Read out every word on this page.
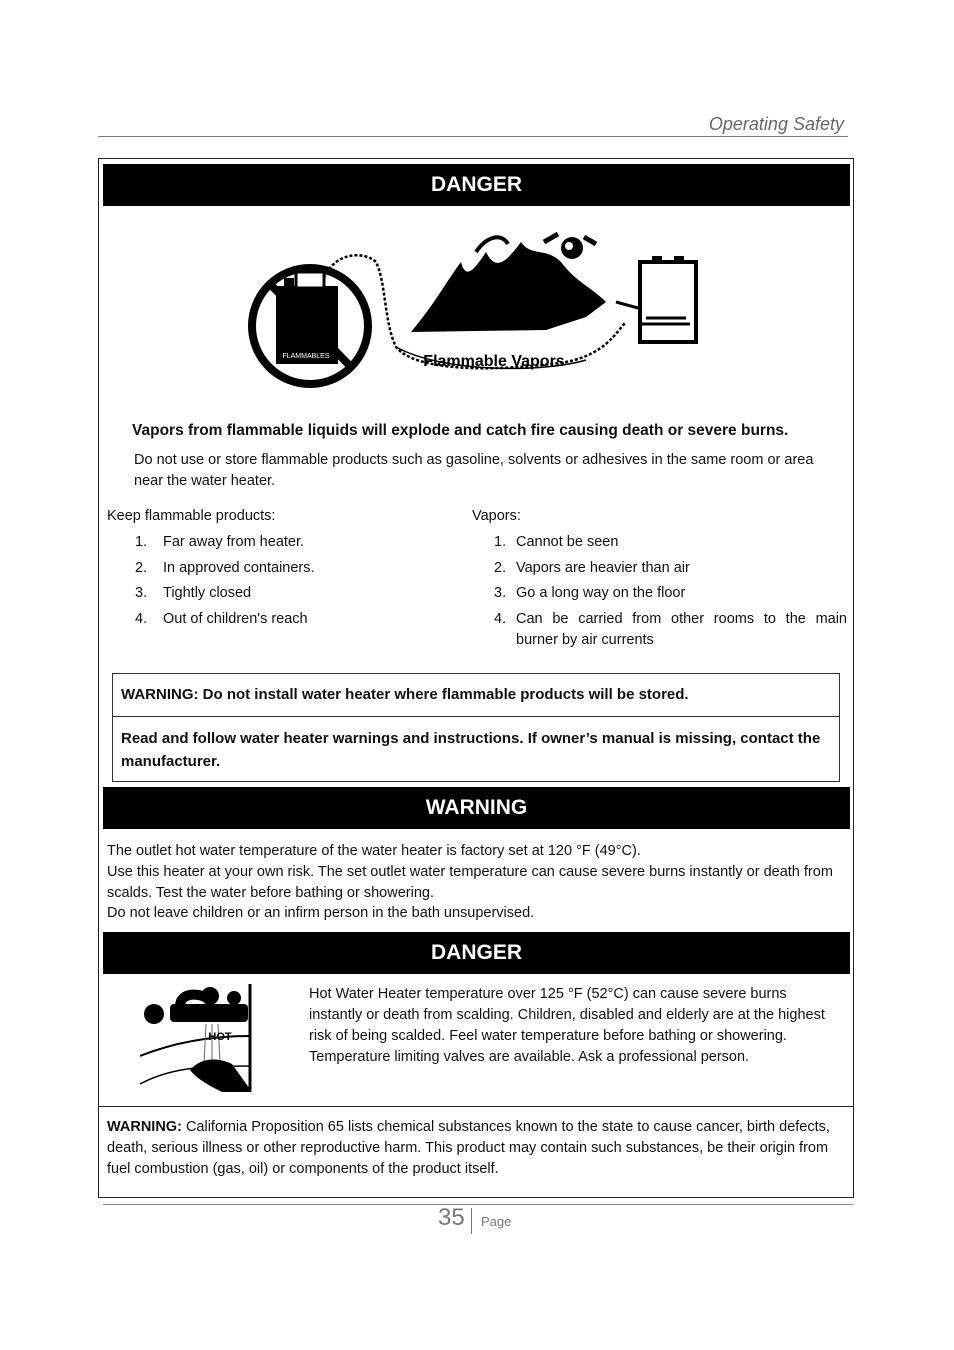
Operating Safety
DANGER
FLAMMABLES	Flammable Vapors
Vapors from flammable liquids will explode and catch fire causing death or severe burns.
Do not use or store flammable products such as gasoline, solvents or adhesives in the same room or area near the water heater.
Keep flammable products:
1. Far away from heater.
2. In approved containers.
3. Tightly closed
4. Out of children's reach
Vapors:
1. Cannot be seen
2. Vapors are heavier than air
3. Go a long way on the floor
4. Can be carried from other rooms to the main burner by air currents
WARNING: Do not install water heater where flammable products will be stored.
Read and follow water heater warnings and instructions. If owner’s manual is missing, contact the manufacturer.
WARNING
The outlet hot water temperature of the water heater is factory set at 120 °F (49°C).
Use this heater at your own risk. The set outlet water temperature can cause severe burns instantly or death from scalds. Test the water before bathing or showering.
Do not leave children or an infirm person in the bath unsupervised.
DANGER
HOT
Hot Water Heater temperature over 125 °F (52°C) can cause severe burns instantly or death from scalding. Children, disabled and elderly are at the highest risk of being scalded. Feel water temperature before bathing or showering. Temperature limiting valves are available. Ask a professional person.
WARNING: California Proposition 65 lists chemical substances known to the state to cause cancer, birth defects, death, serious illness or other reproductive harm. This product may contain such substances, be their origin from fuel combustion (gas, oil) or components of the product itself.
35 Page
